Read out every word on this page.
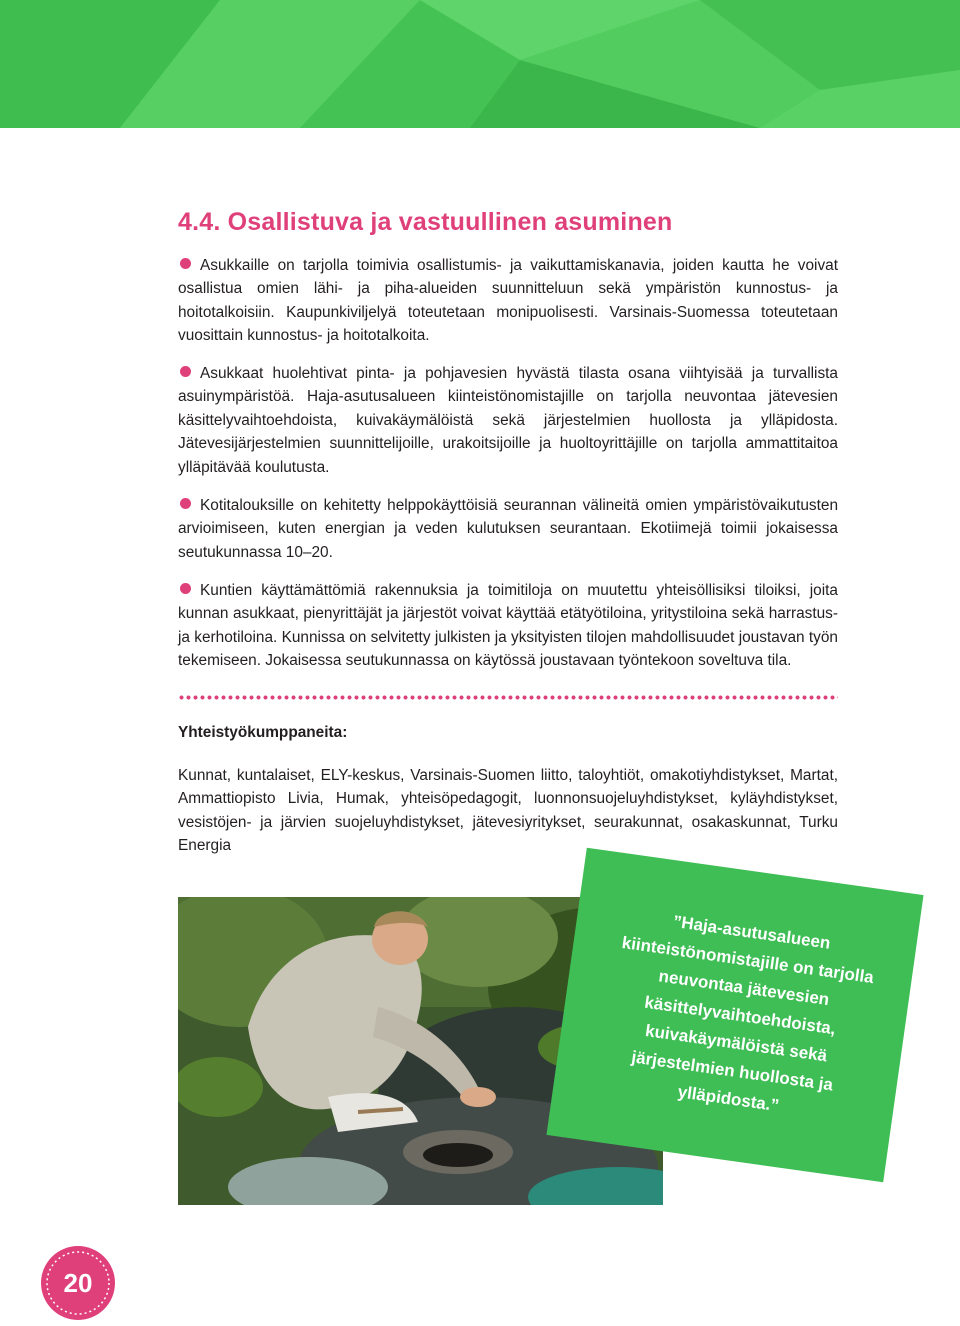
4.4. Osallistuva ja vastuullinen asuminen

Asukkaille on tarjolla toimivia osallistumis- ja vaikuttamiskanavia, joiden kautta he voivat osallistua omien lähi- ja piha-alueiden suunnitteluun sekä ympäristön kunnostus- ja hoitotalkoisiin. Kaupunkiviljelyä toteutetaan monipuolisesti. Varsinais-Suomessa toteutetaan vuosittain kunnostus- ja hoitotalkoita.

Asukkaat huolehtivat pinta- ja pohjavesien hyvästä tilasta osana viihtyisää ja turvallista asuinympäristöä. Haja-asutusalueen kiinteistönomistajille on tarjolla neuvontaa jätevesien käsittelyvaihtoehdoista, kuivakäymälöistä sekä järjestelmien huollosta ja ylläpidosta. Jätevesijärjestelmien suunnittelijoille, urakoitsijoille ja huoltoyrittäjille on tarjolla ammattitaitoa ylläpitävää koulutusta.

Kotitalouksille on kehitetty helppokäyttöisiä seurannan välineitä omien ympäristövaikutusten arvioimiseen, kuten energian ja veden kulutuksen seurantaan. Ekotiimejä toimii jokaisessa seutukunnassa 10–20.

Kuntien käyttämättömiä rakennuksia ja toimitiloja on muutettu yhteisöllisiksi tiloiksi, joita kunnan asukkaat, pienyrittäjät ja järjestöt voivat käyttää etätyötiloina, yritystiloina sekä harrastus- ja kerhotiloina. Kunnissa on selvitetty julkisten ja yksityisten tilojen mahdollisuudet joustavan työn tekemiseen. Jokaisessa seutukunnassa on käytössä joustavaan työntekoon soveltuva tila.

Yhteistyökumppaneita:

Kunnat, kuntalaiset, ELY-keskus, Varsinais-Suomen liitto, taloyhtiöt, omakotiyhdistykset, Martat, Ammattiopisto Livia, Humak, yhteisöpedagogit, luonnonsuojeluyhdistykset, kyläyhdistykset, vesistöjen- ja järvien suojeluyhdistykset, jätevesiyritykset, seurakunnat, osakaskunnat, Turku Energia

”Haja-asutusalueen kiinteistönomistajille on tarjolla neuvontaa jätevesien käsittelyvaihtoehdoista, kuivakäymälöistä sekä järjestelmien huollosta ja ylläpidosta.”

20
